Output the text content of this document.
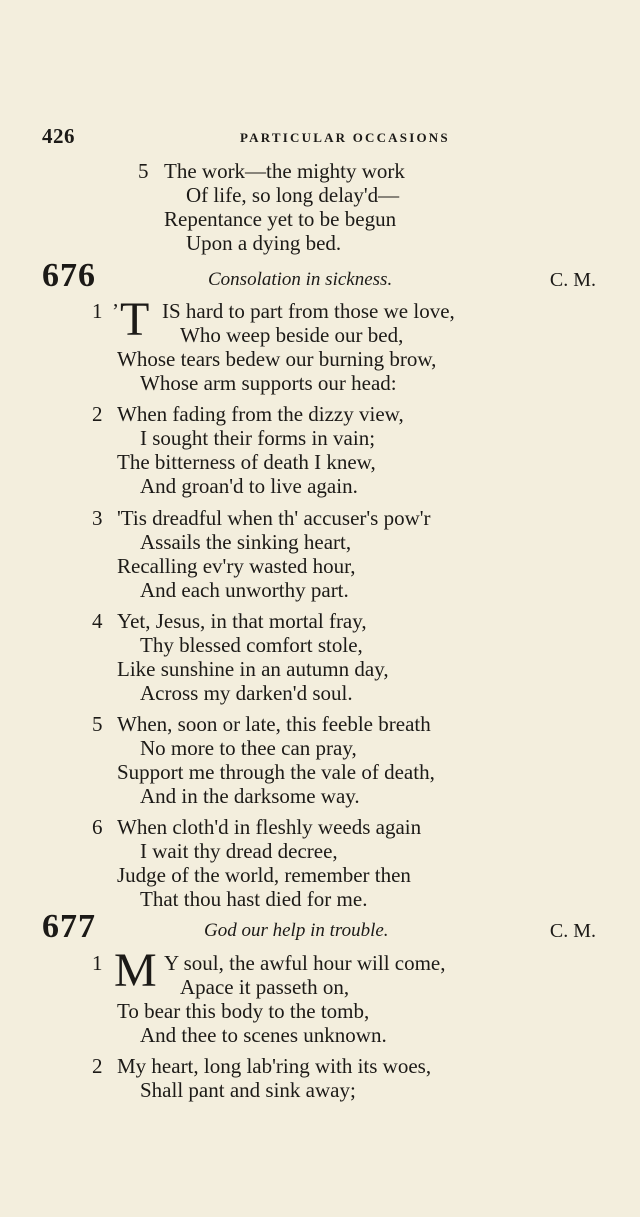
426	PARTICULAR OCCASIONS
5 The work—the mighty work
Of life, so long delay'd—
Repentance yet to be begun
Upon a dying bed.
676	Consolation in sickness.	C. M.
1 ’ T IS hard to part from those we love,
Who weep beside our bed,
Whose tears bedew our burning brow,
Whose arm supports our head:
2 When fading from the dizzy view,
I sought their forms in vain;
The bitterness of death I knew,
And groan'd to live again.
3 'Tis dreadful when th' accuser's pow'r
Assails the sinking heart,
Recalling ev'ry wasted hour,
And each unworthy part.
4 Yet, Jesus, in that mortal fray,
Thy blessed comfort stole,
Like sunshine in an autumn day,
Across my darken'd soul.
5 When, soon or late, this feeble breath
No more to thee can pray,
Support me through the vale of death,
And in the darksome way.
6 When cloth'd in fleshly weeds again
I wait thy dread decree,
Judge of the world, remember then
That thou hast died for me.
677	God our help in trouble.	C. M.
1 M Y soul, the awful hour will come,
Apace it passeth on,
To bear this body to the tomb,
And thee to scenes unknown.
2 My heart, long lab'ring with its woes,
Shall pant and sink away;
